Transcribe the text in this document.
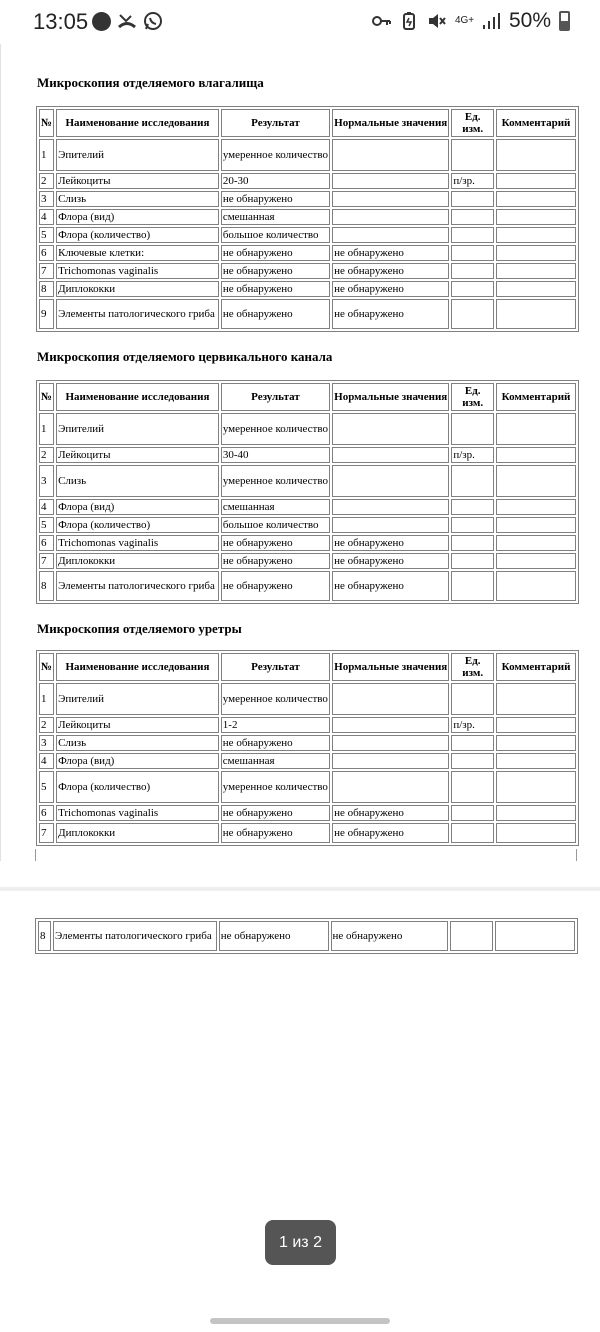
13:05	4G+ 50%
Микроскопия отделяемого влагалища
№	Наименование исследования	Результат	Нормальные значения	Ед. изм.	Комментарий
1	Эпителий	умеренное количество			
2	Лейкоциты	20-30		п/зр.	
3	Слизь	не обнаружено			
4	Флора (вид)	смешанная			
5	Флора (количество)	большое количество			
6	Ключевые клетки:	не обнаружено	не обнаружено		
7	Trichomonas vaginalis	не обнаружено	не обнаружено		
8	Диплококки	не обнаружено	не обнаружено		
9	Элементы патологического гриба	не обнаружено	не обнаружено		
Микроскопия отделяемого цервикального канала
№	Наименование исследования	Результат	Нормальные значения	Ед. изм.	Комментарий
1	Эпителий	умеренное количество			
2	Лейкоциты	30-40		п/зр.	
3	Слизь	умеренное количество			
4	Флора (вид)	смешанная			
5	Флора (количество)	большое количество			
6	Trichomonas vaginalis	не обнаружено	не обнаружено		
7	Диплококки	не обнаружено	не обнаружено		
8	Элементы патологического гриба	не обнаружено	не обнаружено		
Микроскопия отделяемого уретры
№	Наименование исследования	Результат	Нормальные значения	Ед. изм.	Комментарий
1	Эпителий	умеренное количество			
2	Лейкоциты	1-2		п/зр.	
3	Слизь	не обнаружено			
4	Флора (вид)	смешанная			
5	Флора (количество)	умеренное количество			
6	Trichomonas vaginalis	не обнаружено	не обнаружено		
7	Диплококки	не обнаружено	не обнаружено		
8	Элементы патологического гриба	не обнаружено	не обнаружено		
1 из 2
